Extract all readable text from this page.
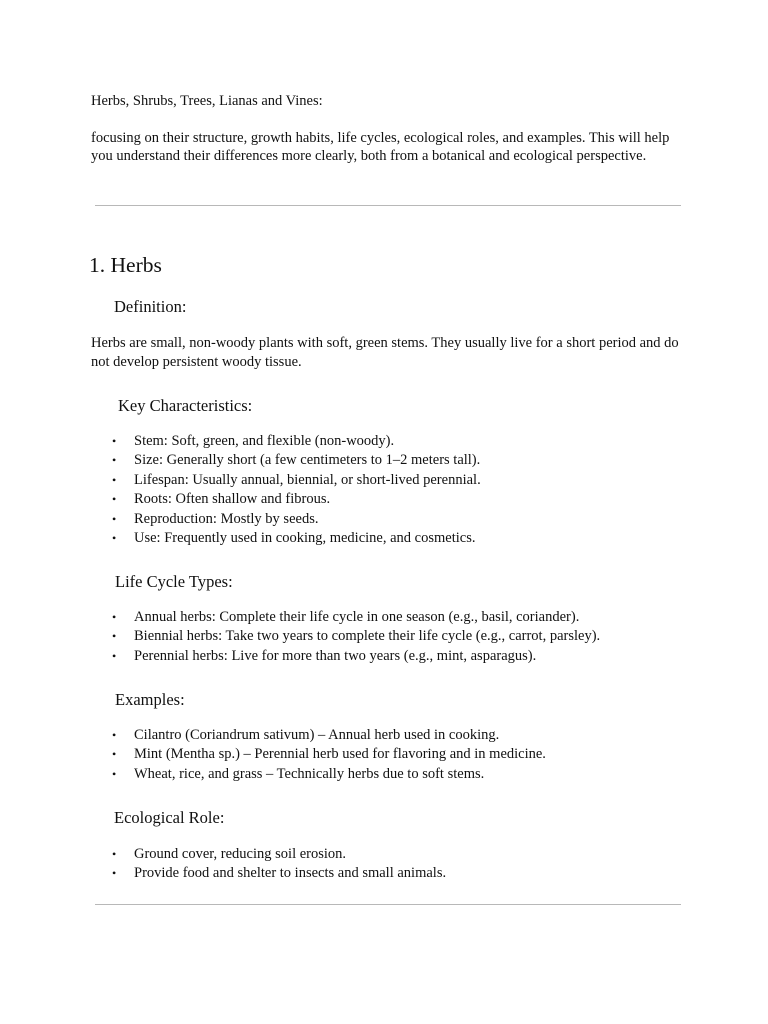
Herbs, Shrubs, Trees, Lianas and Vines:

focusing on their structure, growth habits, life cycles, ecological roles, and examples. This will help you understand their differences more clearly, both from a botanical and ecological perspective.

1. Herbs
Definition:

Herbs are small, non-woody plants with soft, green stems. They usually live for a short period and do not develop persistent woody tissue.

Key Characteristics:
• Stem: Soft, green, and flexible (non-woody).
• Size: Generally short (a few centimeters to 1–2 meters tall).
• Lifespan: Usually annual, biennial, or short-lived perennial.
• Roots: Often shallow and fibrous.
• Reproduction: Mostly by seeds.
• Use: Frequently used in cooking, medicine, and cosmetics.
Life Cycle Types:
• Annual herbs: Complete their life cycle in one season (e.g., basil, coriander).
• Biennial herbs: Take two years to complete their life cycle (e.g., carrot, parsley).
• Perennial herbs: Live for more than two years (e.g., mint, asparagus).
Examples:
• Cilantro (Coriandrum sativum) – Annual herb used in cooking.
• Mint (Mentha sp.) – Perennial herb used for flavoring and in medicine.
• Wheat, rice, and grass – Technically herbs due to soft stems.
Ecological Role:
• Ground cover, reducing soil erosion.
• Provide food and shelter to insects and small animals.
